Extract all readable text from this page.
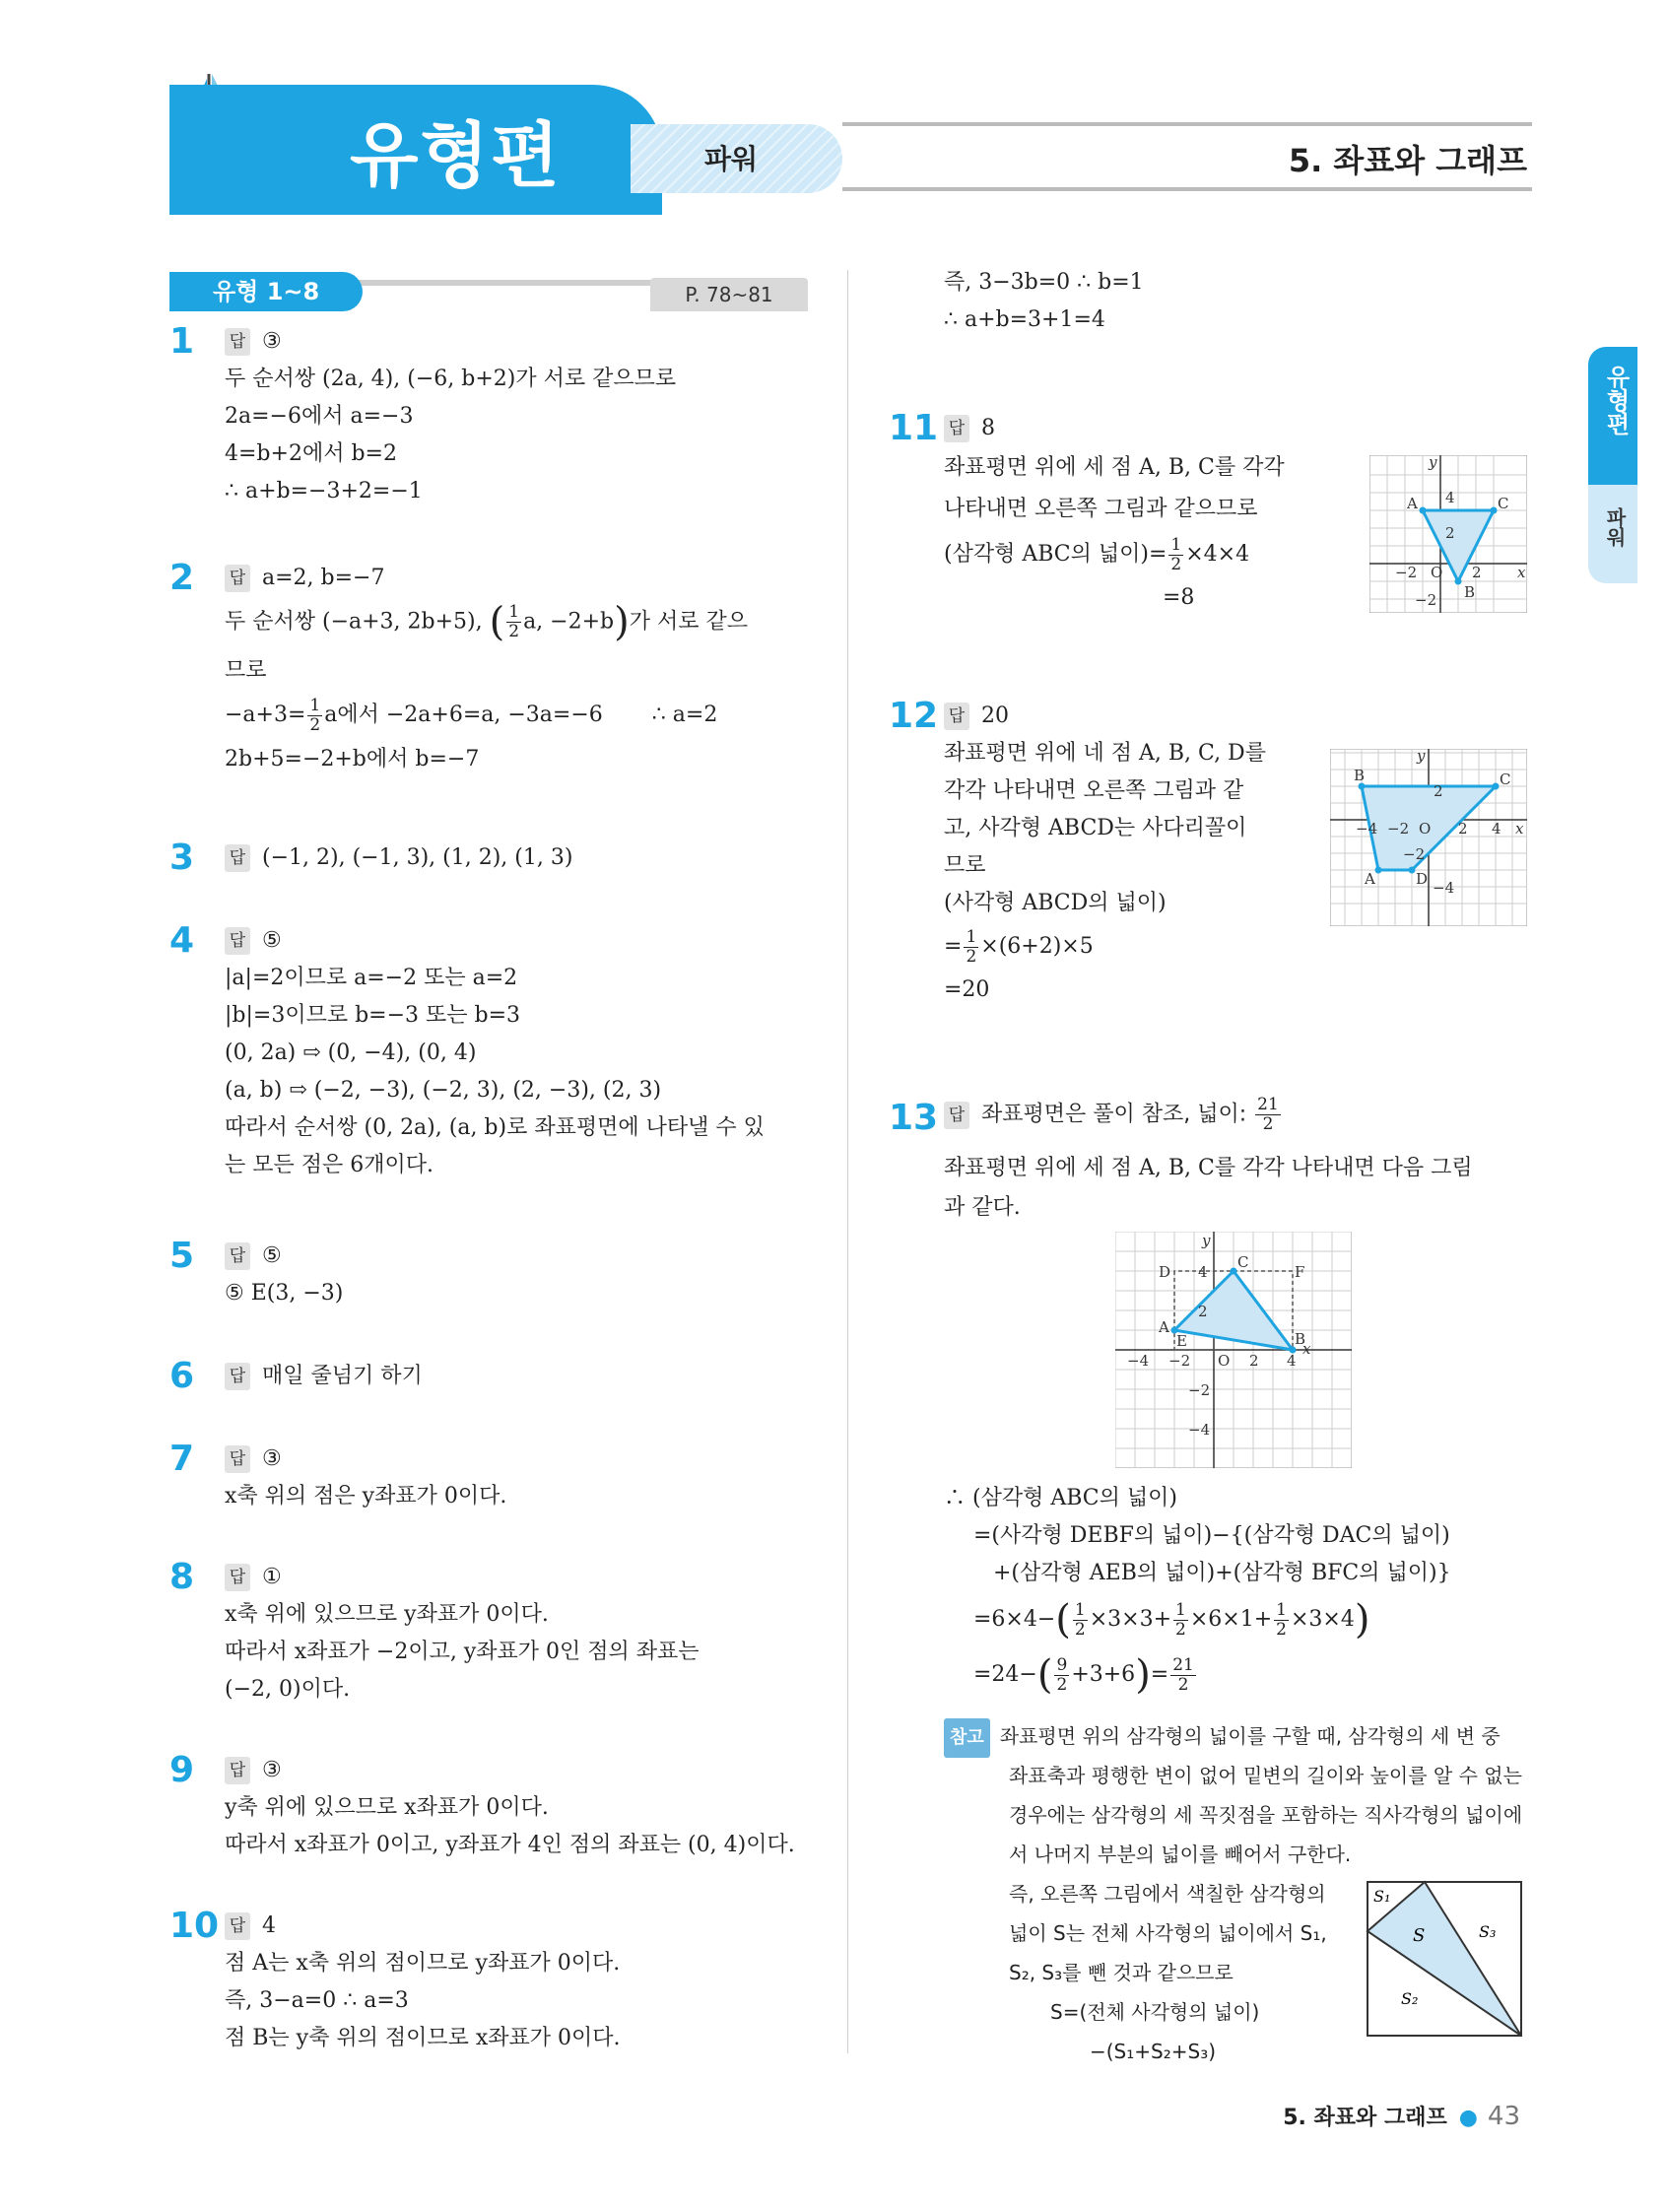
유형편	파워	5. 좌표와 그래프
유형편
파워
유형 1~8	P. 78~81
1 답 ③
두 순서쌍 (2a, 4), (−6, b+2)가 서로 같으므로
2a=−6에서 a=−3
4=b+2에서 b=2
∴ a+b=−3+2=−1
2 답 a=2, b=−7
두 순서쌍 (−a+3, 2b+5), ( $\frac{1}{2} a$, −2+b)가 서로 같으
므로
$-a+3= \frac{1}{2}$ a에서 −2a+6=a, −3a=−6 ∴ a=2
2b+5=−2+b에서 b=−7
3 답 (−1, 2), (−1, 3), (1, 2), (1, 3)
4 답 ⑤
|a|=2이므로 a=−2 또는 a=2
|b|=3이므로 b=−3 또는 b=3
(0, 2a) ⇨ (0, −4), (0, 4)
(a, b) ⇨ (−2, −3), (−2, 3), (2, −3), (2, 3)
따라서 순서쌍 (0, 2a), (a, b)로 좌표평면에 나타낼 수 있
는 모든 점은 6개이다.
5 답 ⑤
⑤ E(3, −3)
6 답 매일 줄넘기 하기
7 답 ③
x축 위의 점은 y좌표가 0이다.
8 답 ①
x축 위에 있으므로 y좌표가 0이다.
따라서 x좌표가 −2이고, y좌표가 0인 점의 좌표는
(−2, 0)이다.
9 답 ③
y축 위에 있으므로 x좌표가 0이다.
따라서 x좌표가 0이고, y좌표가 4인 점의 좌표는 (0, 4)이다.
10 답 4
점 A는 x축 위의 점이므로 y좌표가 0이다.
즉, 3−a=0 ∴ a=3
점 B는 y축 위의 점이므로 x좌표가 0이다.
즉, 3−3b=0 ∴ b=1
∴ a+b=3+1=4
11 답 8
좌표평면 위에 세 점 A, B, C를 각각
나타내면 오른쪽 그림과 같으므로
(삼각형 ABC의 넓이)= $\frac{1}{2} \times 4\times 4$
=8
A
B
C
O
4
2
−2	2
−2
x
y
12 답 20
좌표평면 위에 네 점 A, B, C, D를
각각 나타내면 오른쪽 그림과 같
고, 사각형 ABCD는 사다리꼴이
므로
(사각형 ABCD의 넓이)
= $\frac{1}{2} \times(6+2)\times 5$
=20
A
B	C
D
O
−4 −2	2 4
2
−2
−4
x
y
13 답 좌표평면은 풀이 참조, 넓이: $\frac{21}{2}$
좌표평면 위에 세 점 A, B, C를 각각 나타내면 다음 그림
과 같다.
A
B
C
D
E
F
O
−4 −2	2 4
4
2
−2
−4
x
y
∴ (삼각형 ABC의 넓이)
=(사각형 DEBF의 넓이)−{(삼각형 DAC의 넓이)
+(삼각형 AEB의 넓이)+(삼각형 BFC의 넓이)}
$=6\times 4-( \frac{1}{2} \times 3\times 3+ \frac{1}{2} \times 6\times 1+ \frac{1}{2} \times 3\times 4)$
$=24-( \frac{9}{2} +3+6)= \frac{21}{2}$
참고 좌표평면 위의 삼각형의 넓이를 구할 때, 삼각형의 세 변 중
좌표축과 평행한 변이 없어 밑변의 길이와 높이를 알 수 없는
경우에는 삼각형의 세 꼭짓점을 포함하는 직사각형의 넓이에
서 나머지 부분의 넓이를 빼어서 구한다.
즉, 오른쪽 그림에서 색칠한 삼각형의
넓이 S는 전체 사각형의 넓이에서 S₁,
S₂, S₃를 뺀 것과 같으므로
S=(전체 사각형의 넓이)
−(S₁+S₂+S₃)
S₁
S	S₃
S₂
5. 좌표와 그래프 ● 43
